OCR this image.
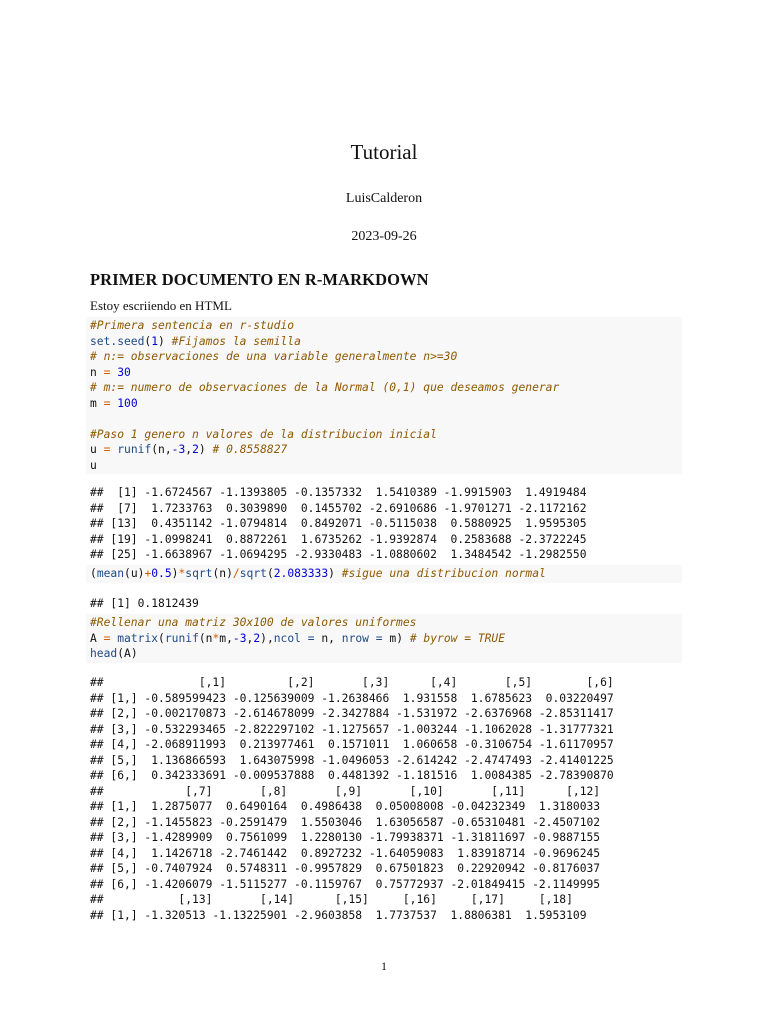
Tutorial
LuisCalderon
2023-09-26
PRIMER DOCUMENTO EN R-MARKDOWN
Estoy escriiendo en HTML
#Primera sentencia en r-studio
set.seed(1) #Fijamos la semilla
# n:= observaciones de una variable generalmente n>=30
n = 30
# m:= numero de observaciones de la Normal (0,1) que deseamos generar
m = 100

#Paso 1 genero n valores de la distribucion inicial
u = runif(n,-3,2) # 0.8558827
u
##  [1] -1.6724567 -1.1393805 -0.1357332  1.5410389 -1.9915903  1.4919484
##  [7]  1.7233763  0.3039890  0.1455702 -2.6910686 -1.9701271 -2.1172162
## [13]  0.4351142 -1.0794814  0.8492071 -0.5115038  0.5880925  1.9595305
## [19] -1.0998241  0.8872261  1.6735262 -1.9392874  0.2583688 -2.3722245
## [25] -1.6638967 -1.0694295 -2.9330483 -1.0880602  1.3484542 -1.2982550
(mean(u)+0.5)*sqrt(n)/sqrt(2.083333) #sigue una distribucion normal
## [1] 0.1812439
#Rellenar una matriz 30x100 de valores uniformes
A = matrix(runif(n*m,-3,2),ncol = n, nrow = m) # byrow = TRUE
head(A)
##              [,1]         [,2]       [,3]      [,4]       [,5]        [,6]
## [1,] -0.589599423 -0.125639009 -1.2638466  1.931558  1.6785623  0.03220497
## [2,] -0.002170873 -2.614678099 -2.3427884 -1.531972 -2.6376968 -2.85311417
## [3,] -0.532293465 -2.822297102 -1.1275657 -1.003244 -1.1062028 -1.31777321
## [4,] -2.068911993  0.213977461  0.1571011  1.060658 -0.3106754 -1.61170957
## [5,]  1.136866593  1.643075998 -1.0496053 -2.614242 -2.4747493 -2.41401225
## [6,]  0.342333691 -0.009537888  0.4481392 -1.181516  1.0084385 -2.78390870
##            [,7]       [,8]       [,9]       [,10]       [,11]      [,12]
## [1,]  1.2875077  0.6490164  0.4986438  0.05008008 -0.04232349  1.3180033
## [2,] -1.1455823 -0.2591479  1.5503046  1.63056587 -0.65310481 -2.4507102
## [3,] -1.4289909  0.7561099  1.2280130 -1.79938371 -1.31811697 -0.9887155
## [4,]  1.1426718 -2.7461442  0.8927232 -1.64059083  1.83918714 -0.9696245
## [5,] -0.7407924  0.5748311 -0.9957829  0.67501823  0.22920942 -0.8176037
## [6,] -1.4206079 -1.5115277 -0.1159767  0.75772937 -2.01849415 -2.1149995
##           [,13]       [,14]      [,15]     [,16]     [,17]     [,18]
## [1,] -1.320513 -1.13225901 -2.9603858  1.7737537  1.8806381  1.5953109
1
